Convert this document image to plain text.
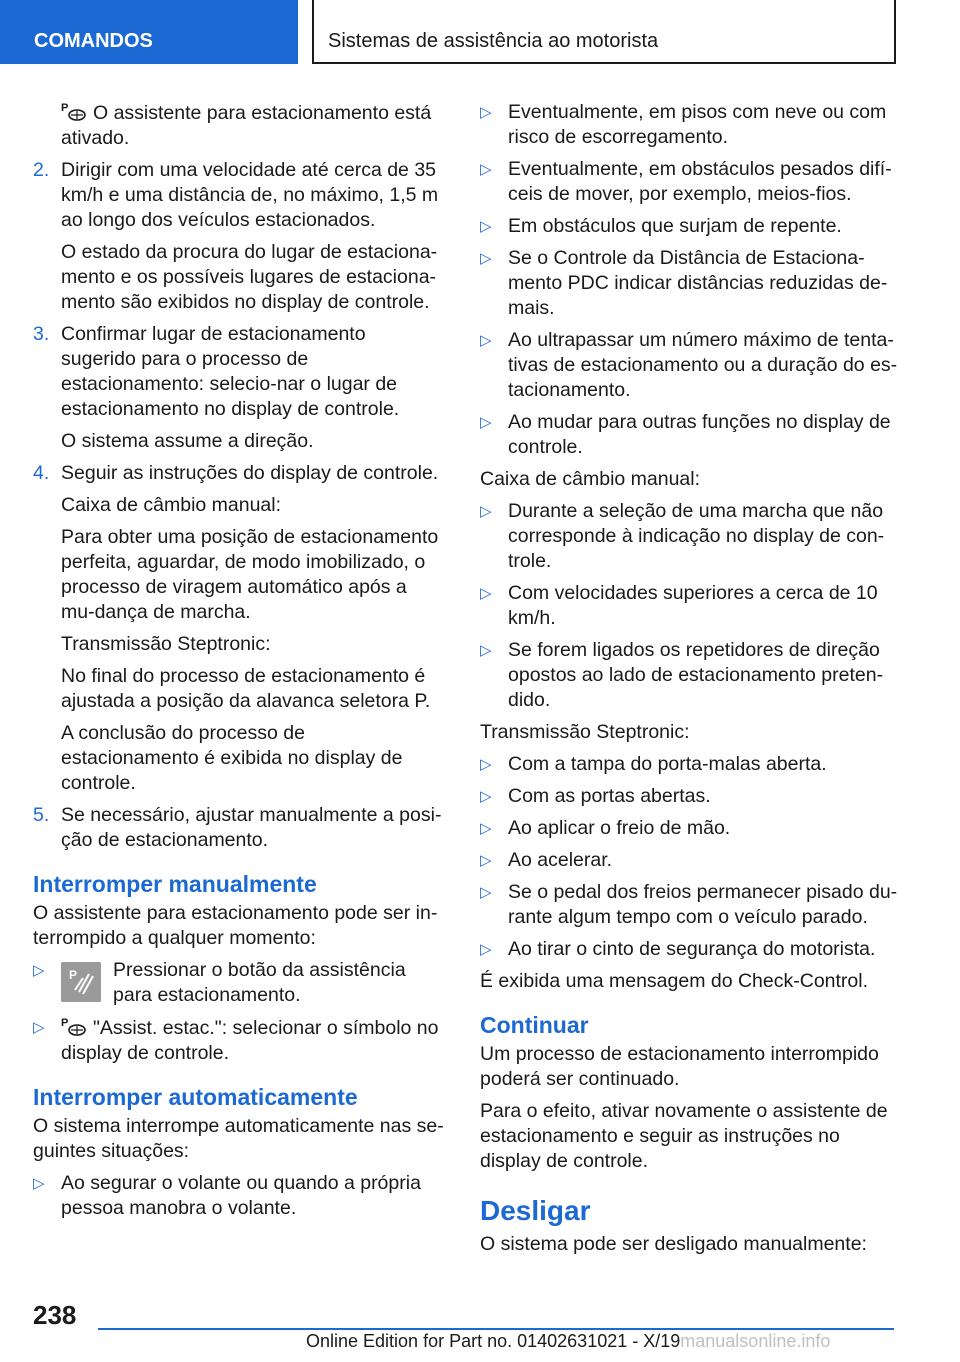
COMANDOS	Sistemas de assistência ao motorista

P O assistente para estacionamento está ativado.

2. Dirigir com uma velocidade até cerca de 35 km/h e uma distância de, no máximo, 1,5 m ao longo dos veículos estacionados.

O estado da procura do lugar de estaciona‐mento e os possíveis lugares de estaciona‐mento são exibidos no display de controle.

3. Confirmar lugar de estacionamento sugerido para o processo de estacionamento: selecio‐nar o lugar de estacionamento no display de controle.

O sistema assume a direção.

4. Seguir as instruções do display de controle.

Caixa de câmbio manual:

Para obter uma posição de estacionamento perfeita, aguardar, de modo imobilizado, o processo de viragem automático após a mu‐dança de marcha.

Transmissão Steptronic:

No final do processo de estacionamento é ajustada a posição da alavanca seletora P.

A conclusão do processo de estacionamento é exibida no display de controle.

5. Se necessário, ajustar manualmente a posi‐ção de estacionamento.
Interromper manualmente

O assistente para estacionamento pode ser in‐terrompido a qualquer momento:

▷ P Pressionar o botão da assistência para estacionamento.
▷ P "Assist. estac.": selecionar o símbolo no display de controle.
Interromper automaticamente

O sistema interrompe automaticamente nas se‐guintes situações:

▷ Ao segurar o volante ou quando a própria pessoa manobra o volante.
▷ Eventualmente, em pisos com neve ou com risco de escorregamento.
▷ Eventualmente, em obstáculos pesados difí‐ceis de mover, por exemplo, meios-fios.
▷ Em obstáculos que surjam de repente.
▷ Se o Controle da Distância de Estaciona‐mento PDC indicar distâncias reduzidas de‐mais.
▷ Ao ultrapassar um número máximo de tenta‐tivas de estacionamento ou a duração do es‐tacionamento.
▷ Ao mudar para outras funções no display de controle.

Caixa de câmbio manual:

▷ Durante a seleção de uma marcha que não corresponde à indicação no display de con‐trole.
▷ Com velocidades superiores a cerca de 10 km/h.
▷ Se forem ligados os repetidores de direção opostos ao lado de estacionamento preten‐dido.

Transmissão Steptronic:

▷ Com a tampa do porta-malas aberta.
▷ Com as portas abertas.
▷ Ao aplicar o freio de mão.
▷ Ao acelerar.
▷ Se o pedal dos freios permanecer pisado du‐rante algum tempo com o veículo parado.
▷ Ao tirar o cinto de segurança do motorista.

É exibida uma mensagem do Check-Control.

Continuar

Um processo de estacionamento interrompido poderá ser continuado.

Para o efeito, ativar novamente o assistente de estacionamento e seguir as instruções no display de controle.

Desligar

O sistema pode ser desligado manualmente:

238
Online Edition for Part no. 01402631021 - X/19manualsonline.info
